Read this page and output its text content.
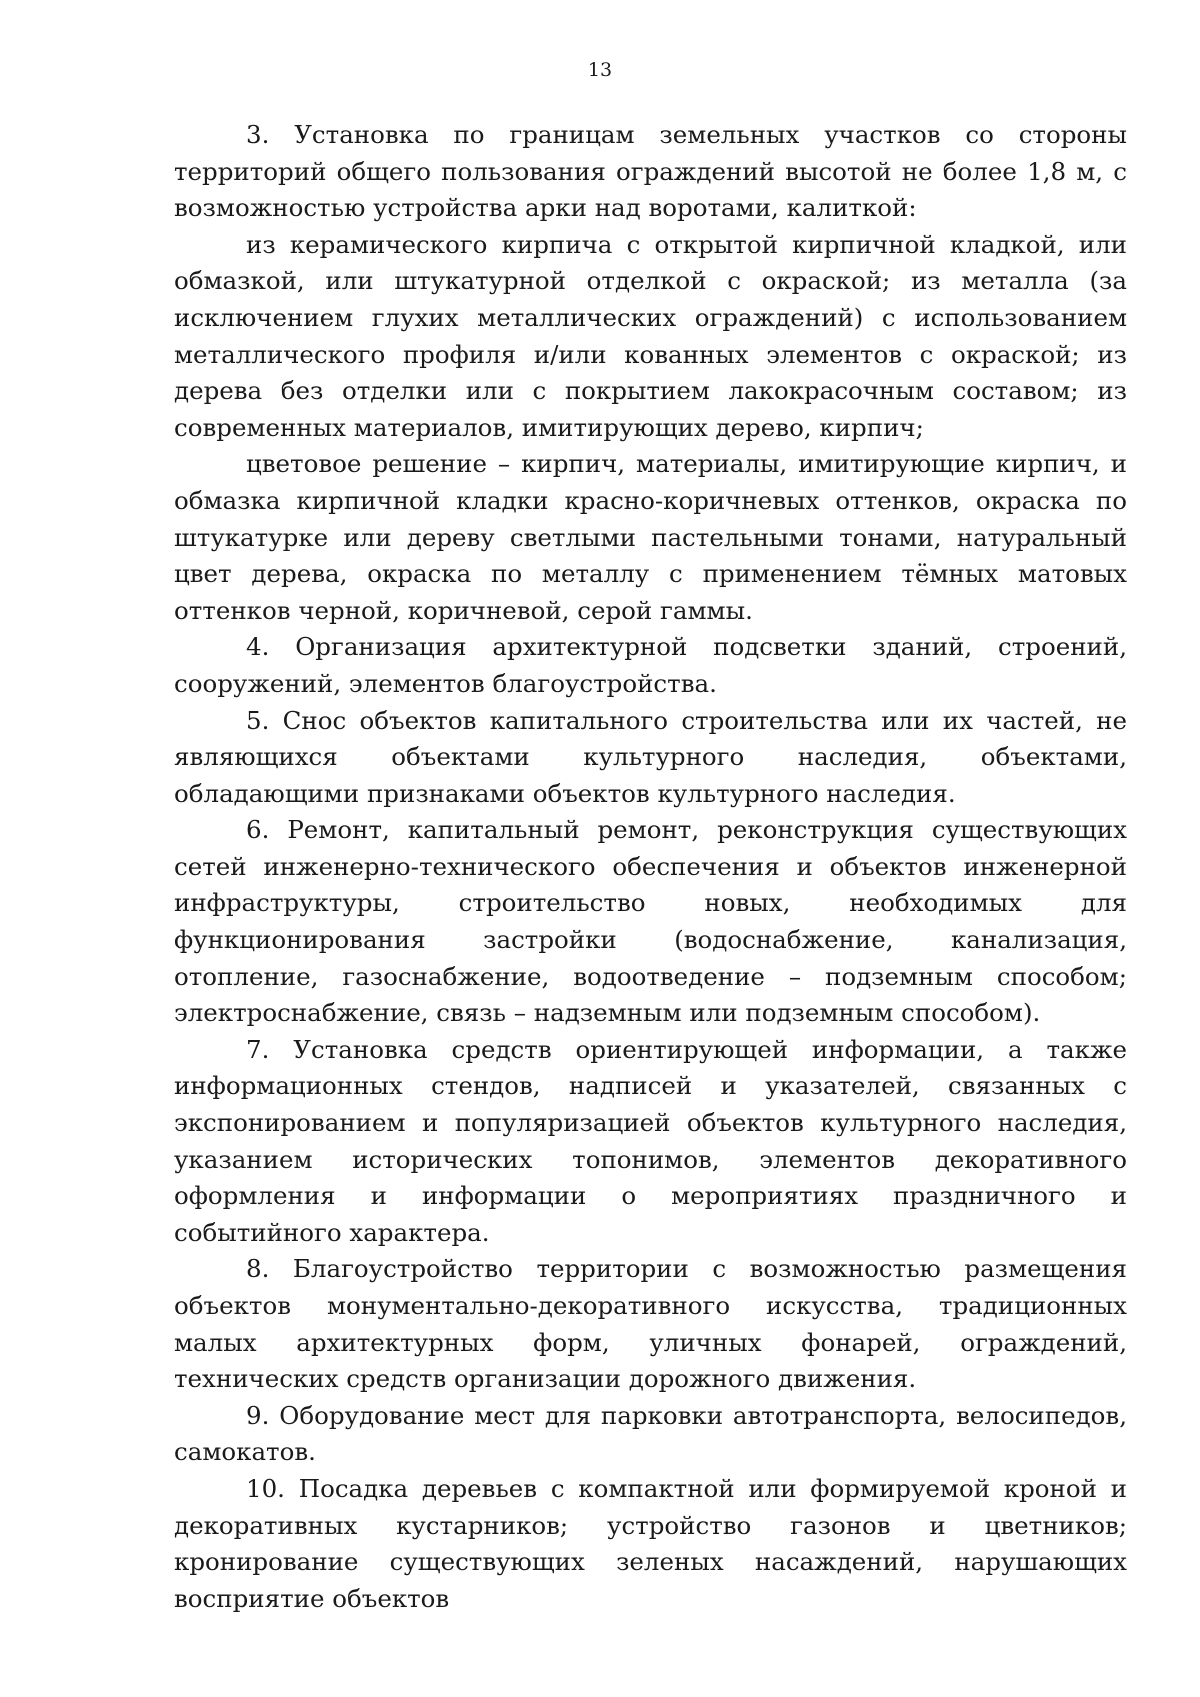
13

3. Установка по границам земельных участков со стороны территорий общего пользования ограждений высотой не более 1,8 м, с возможностью устройства арки над воротами, калиткой:

из керамического кирпича с открытой кирпичной кладкой, или обмазкой, или штукатурной отделкой с окраской; из металла (за исключением глухих металлических ограждений) с использованием металлического профиля и/или кованных элементов с окраской; из дерева без отделки или с покрытием лакокрасочным составом; из современных материалов, имитирующих дерево, кирпич;

цветовое решение – кирпич, материалы, имитирующие кирпич, и обмазка кирпичной кладки красно-коричневых оттенков, окраска по штукатурке или дереву светлыми пастельными тонами, натуральный цвет дерева, окраска по металлу с применением тёмных матовых оттенков черной, коричневой, серой гаммы.

4. Организация архитектурной подсветки зданий, строений, сооружений, элементов благоустройства.

5. Снос объектов капитального строительства или их частей, не являющихся объектами культурного наследия, объектами, обладающими признаками объектов культурного наследия.

6. Ремонт, капитальный ремонт, реконструкция существующих сетей инженерно-технического обеспечения и объектов инженерной инфраструктуры, строительство новых, необходимых для функционирования застройки (водоснабжение, канализация, отопление, газоснабжение, водоотведение – подземным способом; электроснабжение, связь – надземным или подземным способом).

7. Установка средств ориентирующей информации, а также информационных стендов, надписей и указателей, связанных с экспонированием и популяризацией объектов культурного наследия, указанием исторических топонимов, элементов декоративного оформления и информации о мероприятиях праздничного и событийного характера.

8. Благоустройство территории с возможностью размещения объектов монументально-декоративного искусства, традиционных малых архитектурных форм, уличных фонарей, ограждений, технических средств организации дорожного движения.

9. Оборудование мест для парковки автотранспорта, велосипедов, самокатов.

10. Посадка деревьев с компактной или формируемой кроной и декоративных кустарников; устройство газонов и цветников; кронирование существующих зеленых насаждений, нарушающих восприятие объектов
